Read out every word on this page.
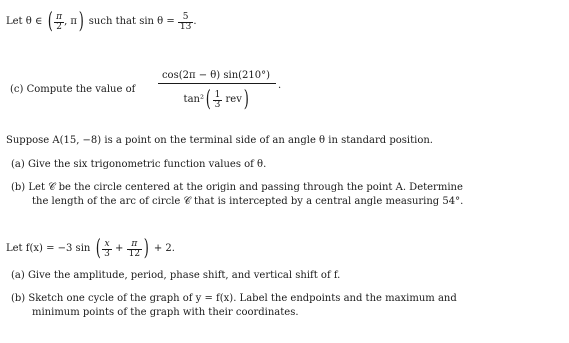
Let θ ∈ ( $\frac{\pi}{2}$ , π) such that $\sin \theta = \frac{5}{13}$ .
(c) Compute the value of
cos(2π − θ) sin(210°)
$\tan^2( \frac{1}{3} rev)$
.
Suppose A(15, −8) is a point on the terminal side of an angle θ in standard position.
(a) Give the six trigonometric function values of θ.
(b) Let 𝒞 be the circle centered at the origin and passing through the point A. Determine
the length of the arc of circle 𝒞 that is intercepted by a central angle measuring 54°.
Let f(x) = −3 sin ( $\frac{x}{3} + \frac{\pi}{12}$ ) + 2.
(a) Give the amplitude, period, phase shift, and vertical shift of f.
(b) Sketch one cycle of the graph of y = f(x). Label the endpoints and the maximum and
minimum points of the graph with their coordinates.
